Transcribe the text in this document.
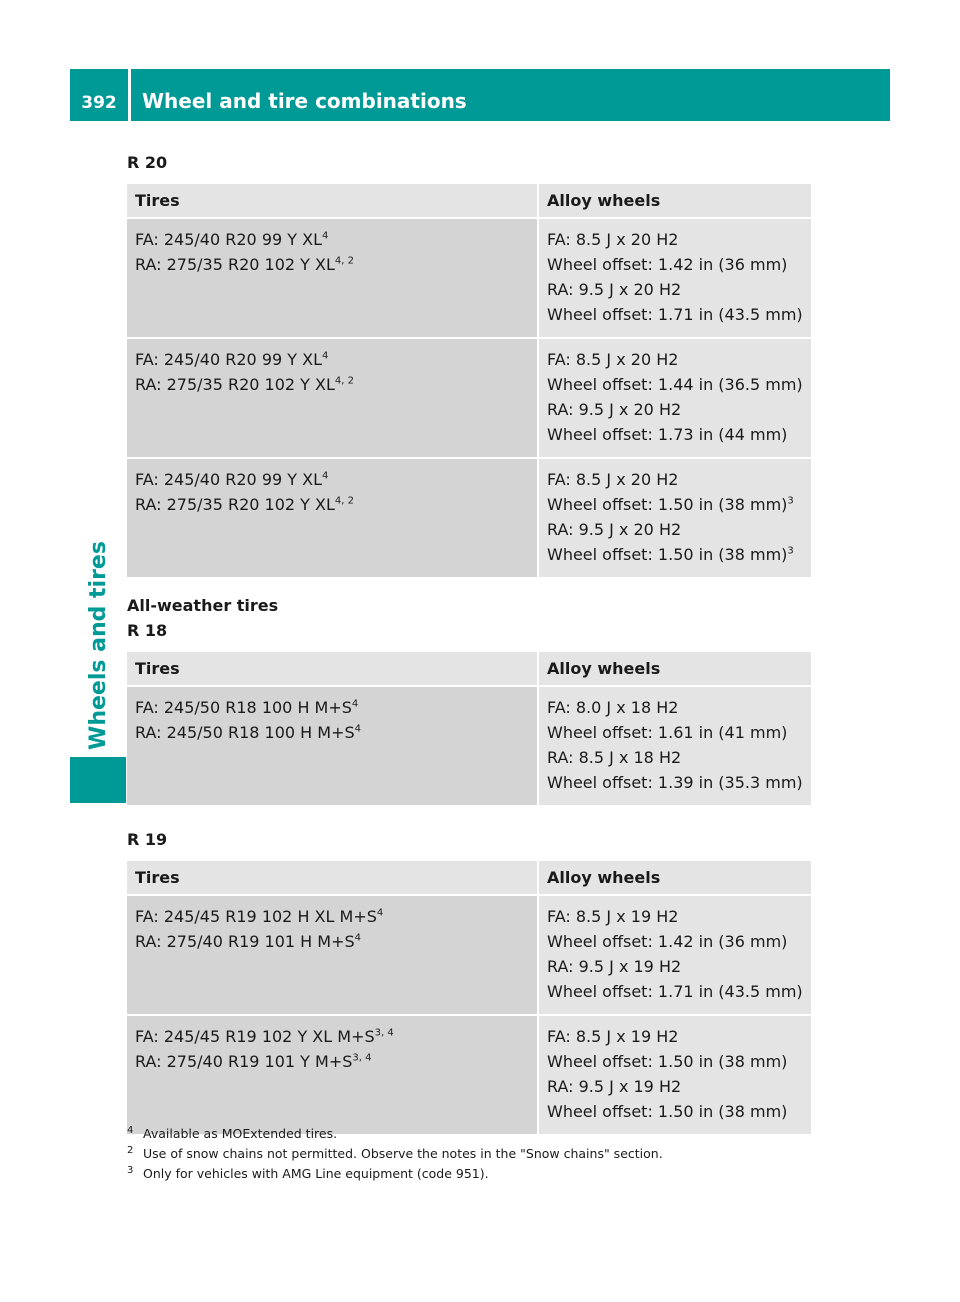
392	Wheel and tire combinations
Wheels and tires

R 20

Tires	Alloy wheels

FA: 245/40 R20 99 Y $XL^4$
RA: 275/35 R20 102 Y XL$^{4, 2}$	FA: 8.5 J x 20 H2
Wheel offset: 1.42 in (36 mm)
RA: 9.5 J x 20 H2
Wheel offset: 1.71 in (43.5 mm)

FA: 245/40 R20 99 Y $XL^4$
RA: 275/35 R20 102 Y XL$^{4, 2}$	FA: 8.5 J x 20 H2
Wheel offset: 1.44 in (36.5 mm)
RA: 9.5 J x 20 H2
Wheel offset: 1.73 in (44 mm)

FA: 245/40 R20 99 Y $XL^4$
RA: 275/35 R20 102 Y XL$^{4, 2}$	FA: 8.5 J x 20 H2
Wheel offset: 1.50 in (38 mm)$^3$
RA: 9.5 J x 20 H2
Wheel offset: 1.50 in (38 mm)$^3$

All-weather tires

R 18

Tires	Alloy wheels

FA: 245/50 R18 100 H $M+S^4$
RA: 245/50 R18 100 H $M+S^4$	FA: 8.0 J x 18 H2
Wheel offset: 1.61 in (41 mm)
RA: 8.5 J x 18 H2
Wheel offset: 1.39 in (35.3 mm)

R 19

Tires	Alloy wheels

FA: 245/45 R19 102 H XL $M+S^4$
RA: 275/40 R19 101 H $M+S^4$	FA: 8.5 J x 19 H2
Wheel offset: 1.42 in (36 mm)
RA: 9.5 J x 19 H2
Wheel offset: 1.71 in (43.5 mm)

FA: 245/45 R19 102 Y XL $M+S^{3, 4}$
RA: 275/40 R19 101 Y $M+S^{3, 4}$	FA: 8.5 J x 19 H2
Wheel offset: 1.50 in (38 mm)
RA: 9.5 J x 19 H2
Wheel offset: 1.50 in (38 mm)
4 Available as MOExtended tires.
2 Use of snow chains not permitted. Observe the notes in the "Snow chains" section.
3 Only for vehicles with AMG Line equipment (code 951).
